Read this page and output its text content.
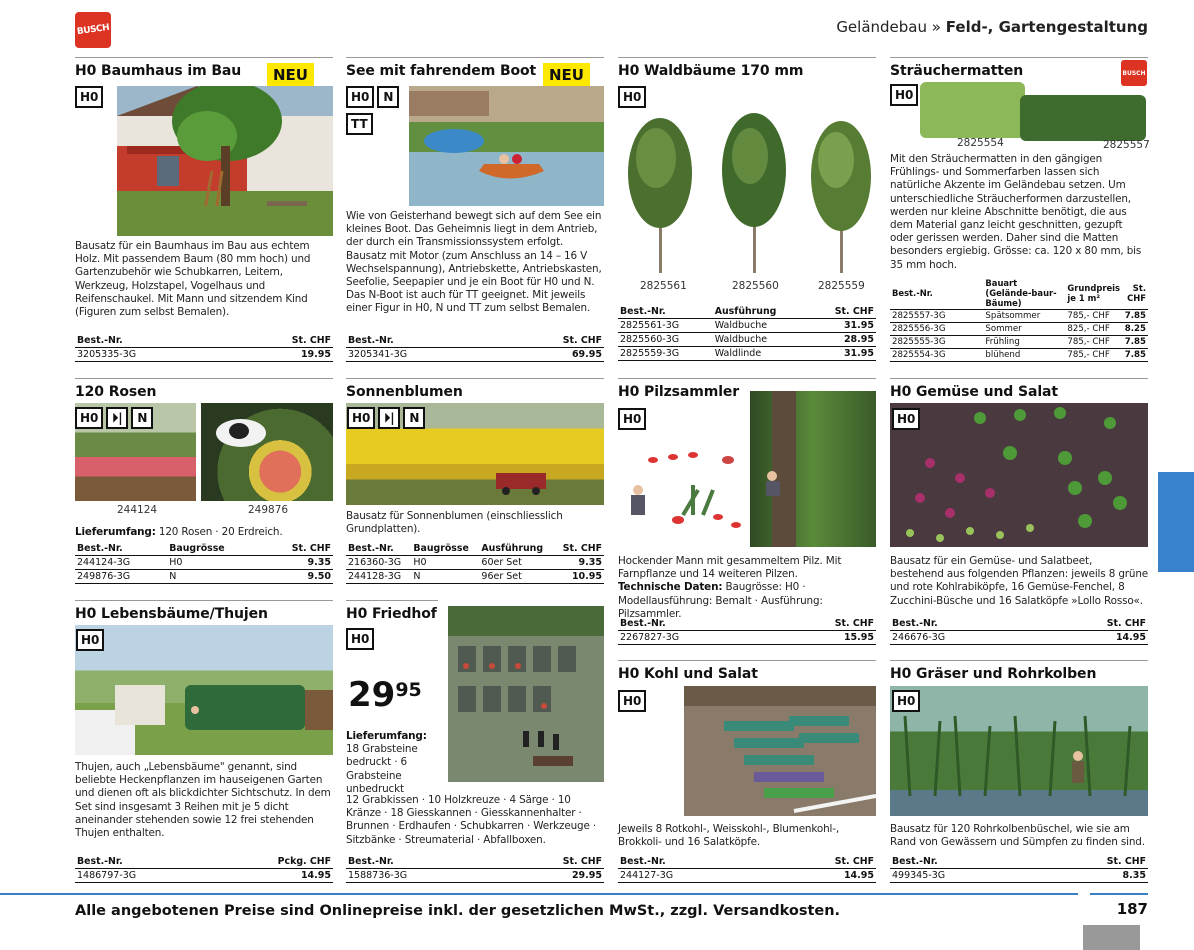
BUSCH	Geländebau » Feld-, Gartengestaltung
H0 Baumhaus im Bau	NEU
H0
Bausatz für ein Baumhaus im Bau aus echtem Holz. Mit passendem Baum (80 mm hoch) und Gartenzubehör wie Schubkarren, Leitern, Werkzeug, Holzstapel, Vogelhaus und Reifenschaukel. Mit Mann und sitzendem Kind (Figuren zum selbst Bemalen).
Best.-Nr.	St. CHF
3205335-3G	19.95
See mit fahrendem Boot NEU
H0	N
TT
Wie von Geisterhand bewegt sich auf dem See ein kleines Boot. Das Geheimnis liegt in dem Antrieb, der durch ein Transmissionssystem erfolgt. Bausatz mit Motor (zum Anschluss an 14 – 16 V Wechselspannung), Antriebskette, Antriebskasten, Seefolie, Seepapier und je ein Boot für H0 und N. Das N-Boot ist auch für TT geeignet. Mit jeweils einer Figur in H0, N und TT zum selbst Bemalen.
Best.-Nr.	St. CHF
3205341-3G	69.95
H0 Waldbäume 170 mm
H0
2825561	2825560	2825559
Best.-Nr.	Ausführung	St. CHF
2825561-3G	Waldbuche	31.95
2825560-3G	Waldbuche	28.95
2825559-3G	Waldlinde	31.95
Sträuchermatten	BUSCH
H0
2825554	2825557
Mit den Sträuchermatten in den gängigen Frühlings- und Sommerfarben lassen sich natürliche Akzente im Geländebau setzen. Um unterschiedliche Sträucherformen darzustellen, werden nur kleine Abschnitte benötigt, die aus dem Material ganz leicht geschnitten, gezupft oder gerissen werden. Daher sind die Matten besonders ergiebig. Grösse: ca. 120 x 80 mm, bis 35 mm hoch.
Best.-Nr.	Bauart (Gelände-baur-Bäume)	Grundpreis je 1 m²	St. CHF
2825557-3G	Spätsommer	785,- CHF	7.85
2825556-3G	Sommer	825,- CHF	8.25
2825555-3G	Frühling	785,- CHF	7.85
2825554-3G	blühend	785,- CHF	7.85
120 Rosen
H0	⏵|	N
244124	249876
Lieferumfang: 120 Rosen · 20 Erdreich.
Best.-Nr.	Baugrösse	St. CHF
244124-3G	H0	9.35
249876-3G	N	9.50
Sonnenblumen
H0	⏵|	N
Bausatz für Sonnenblumen (einschliesslich Grundplatten).
Best.-Nr.	Baugrösse	Ausführung	St. CHF
216360-3G	H0	60er Set	9.35
244128-3G	N	96er Set	10.95
H0 Pilzsammler
H0
Hockender Mann mit gesammeltem Pilz. Mit Farnpflanze und 14 weiteren Pilzen.
Technische Daten: Baugrösse: H0 · Modellausführung: Bemalt · Ausführung: Pilzsammler.
Best.-Nr.	St. CHF
2267827-3G	15.95
H0 Gemüse und Salat
H0
Bausatz für ein Gemüse- und Salatbeet, bestehend aus folgenden Pflanzen: jeweils 8 grüne und rote Kohlrabiköpfe, 16 Gemüse-Fenchel, 8 Zucchini-Büsche und 16 Salatköpfe »Lollo Rosso«.
Best.-Nr.	St. CHF
246676-3G	14.95
H0 Lebensbäume/Thujen
H0
Thujen, auch „Lebensbäume" genannt, sind beliebte Heckenpflanzen im hauseigenen Garten und dienen oft als blickdichter Sichtschutz. In dem Set sind insgesamt 3 Reihen mit je 5 dicht aneinander stehenden sowie 12 frei stehenden Thujen enthalten.
Best.-Nr.	Pckg. CHF
1486797-3G	14.95
H0 Friedhof
H0
$29^{95}$
Lieferumfang:
18 Grabsteine bedruckt · 6 Grabsteine unbedruckt
12 Grabkissen · 10 Holzkreuze · 4 Särge · 10 Kränze · 18 Giesskannen · Giesskannenhalter · Brunnen · Erdhaufen · Schubkarren · Werkzeuge · Sitzbänke · Streumaterial · Abfallboxen.
Best.-Nr.	St. CHF
1588736-3G	29.95
H0 Kohl und Salat
H0
Jeweils 8 Rotkohl-, Weisskohl-, Blumenkohl-, Brokkoli- und 16 Salatköpfe.
Best.-Nr.	St. CHF
244127-3G	14.95
H0 Gräser und Rohrkolben
H0
Bausatz für 120 Rohrkolbenbüschel, wie sie am Rand von Gewässern und Sümpfen zu finden sind.
Best.-Nr.	St. CHF
499345-3G	8.35
Alle angebotenen Preise sind Onlinepreise inkl. der gesetzlichen MwSt., zzgl. Versandkosten.	187
